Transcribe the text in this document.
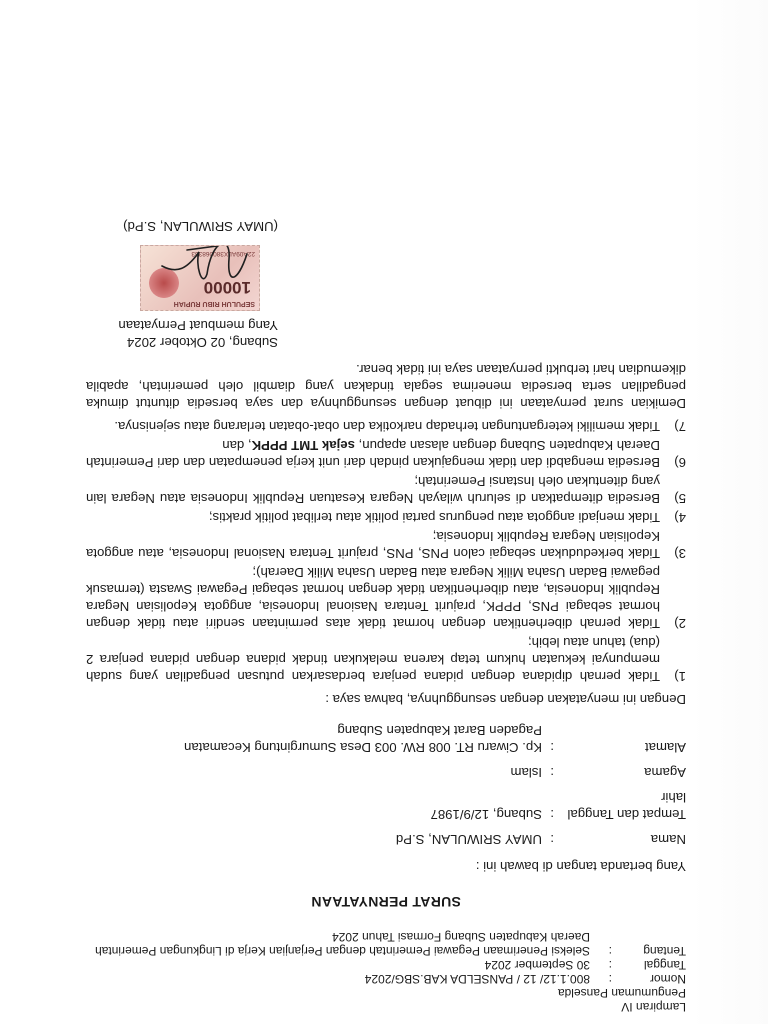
Lampiran IV
Pengumuman Panselda
Nomor
:
800.1.12/ 12 / PANSELDA KAB.SBG/2024
Tanggal
:
30 September 2024
Tentang
:
Seleksi Penerimaan Pegawai Pemerintah dengan Perjanjian Kerja di Lingkungan Pemerintah Daerah Kabupaten Subang Formasi Tahun 2024
SURAT PERNYATAAN
Yang bertanda tangan di bawah ini :
Nama
:
UMAY SRIWULAN, S.Pd
Tempat dan Tanggal lahir
:
Subang, 12/9/1987
Agama
:
Islam
Alamat
:
Kp. Ciwaru RT. 008 RW. 003 Desa Sumurgintung Kecamatan
Pagaden Barat Kabupaten Subang
Dengan ini menyatakan dengan sesungguhnya, bahwa saya :
1)
Tidak pernah dipidana dengan pidana penjara berdasarkan putusan pengadilan yang sudah mempunyai kekuatan hukum tetap karena melakukan tindak pidana dengan pidana penjara 2 (dua) tahun atau lebih;
2)
Tidak pernah diberhentikan dengan hormat tidak atas permintaan sendiri atau tidak dengan hormat sebagai PNS, PPPK, prajurit Tentara Nasional Indonesia, anggota Kepolisian Negara Republik Indonesia, atau diberhentikan tidak dengan hormat sebagai Pegawai Swasta (termasuk pegawai Badan Usaha Milik Negara atau Badan Usaha Milik Daerah);
3)
Tidak berkedudukan sebagai calon PNS, PNS, prajurit Tentara Nasional Indonesia, atau anggota Kepolisian Negara Republik Indonesia;
4)
Tidak menjadi anggota atau pengurus partai politik atau terlibat politik praktis;
5)
Bersedia ditempatkan di seluruh wilayah Negara Kesatuan Republik Indonesia atau Negara lain yang ditentukan oleh Instansi Pemerintah;
6)
Bersedia mengabdi dan tidak mengajukan pindah dari unit kerja penempatan dan dari Pemerintah Daerah Kabupaten Subang dengan alasan apapun, sejak TMT PPPK, dan
7)
Tidak memiliki ketergantungan terhadap narkotika dan obat-obatan terlarang atau sejenisnya.
Demikian surat pernyataan ini dibuat dengan sesungguhnya dan saya bersedia dituntut dimuka pengadilan serta bersedia menerima segala tindakan yang diambil oleh pemerintah, apabila dikemudian hari terbukti pernyataan saya ini tidak benar.
Subang, 02 Oktober 2024
Yang membuat Pernyataan
SEPULUH RIBU RUPIAH
10000
22A09ALX380068353
(UMAY SRIWULAN, S.Pd)
